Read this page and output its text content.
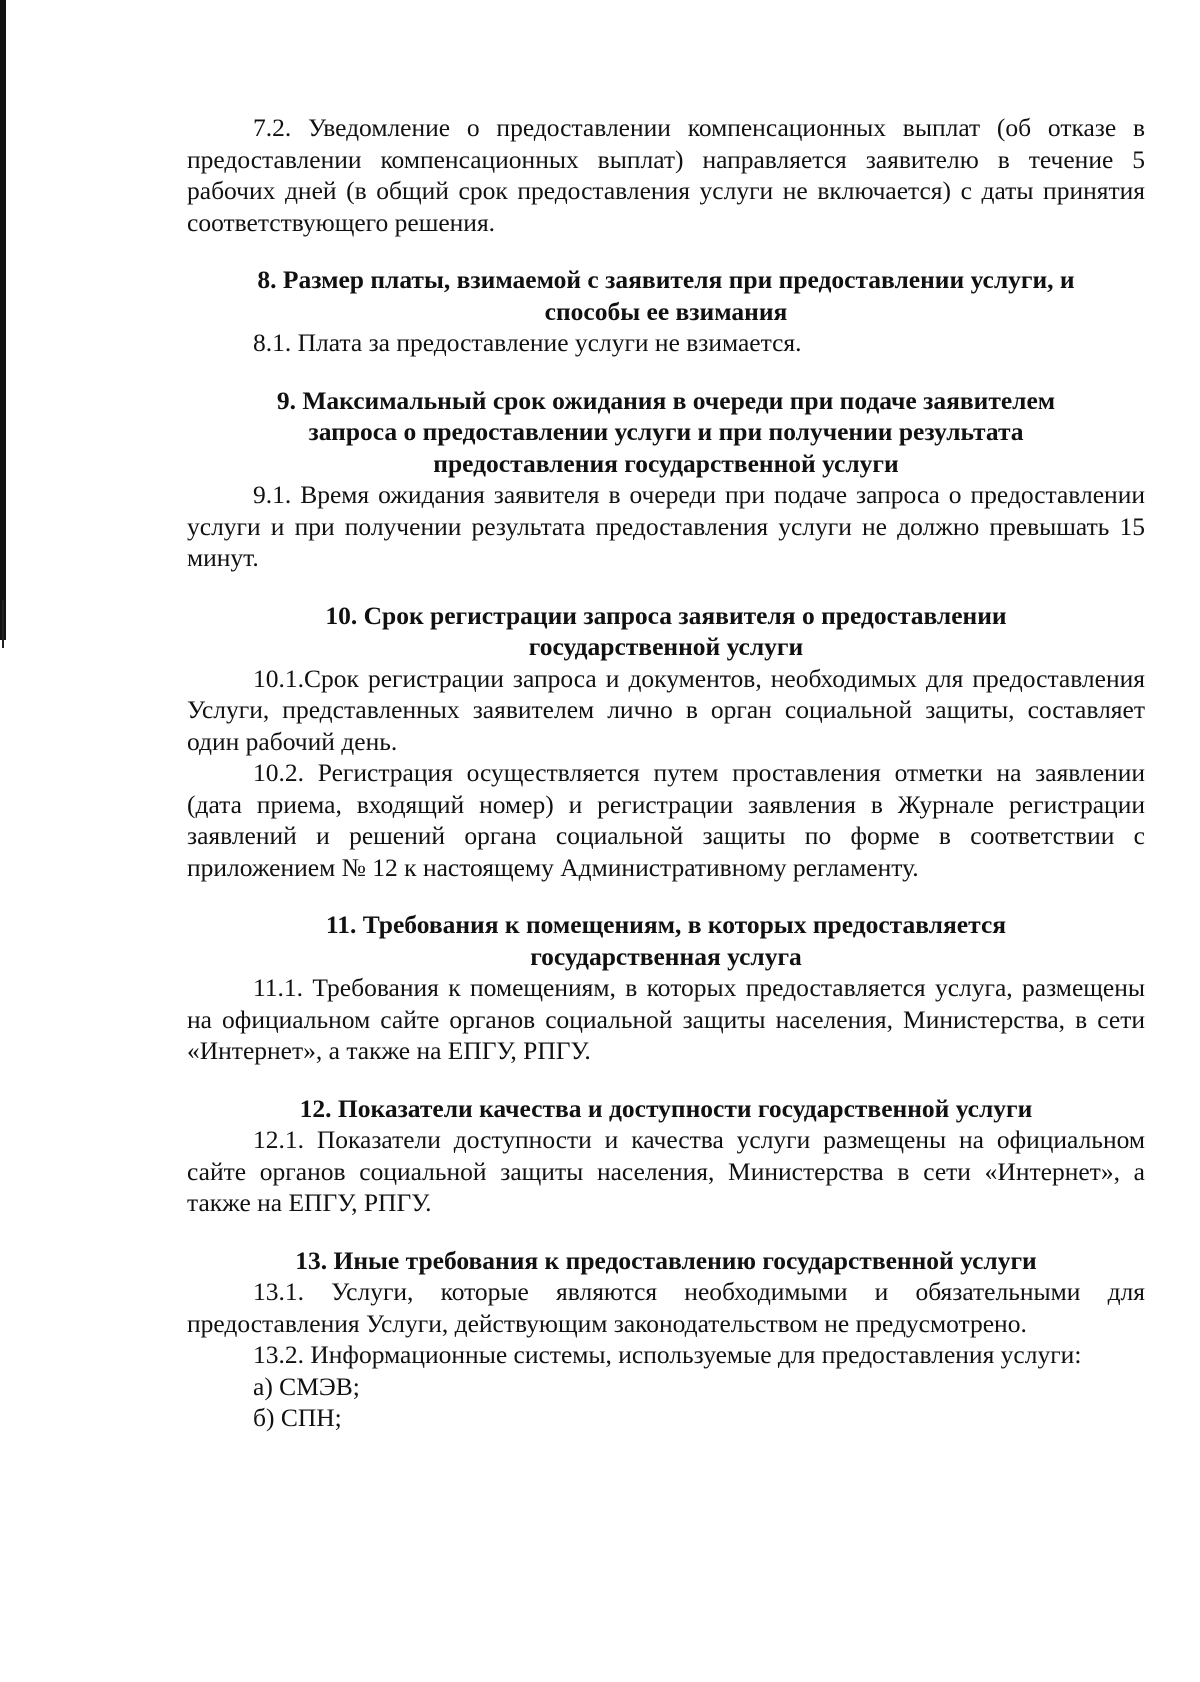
7.2. Уведомление о предоставлении компенсационных выплат (об отказе в предоставлении компенсационных выплат) направляется заявителю в течение 5 рабочих дней (в общий срок предоставления услуги не включается) с даты принятия соответствующего решения.

8. Размер платы, взимаемой с заявителя при предоставлении услуги, и способы ее взимания

8.1. Плата за предоставление услуги не взимается.

9. Максимальный срок ожидания в очереди при подаче заявителем запроса о предоставлении услуги и при получении результата предоставления государственной услуги

9.1. Время ожидания заявителя в очереди при подаче запроса о предоставлении услуги и при получении результата предоставления услуги не должно превышать 15 минут.

10. Срок регистрации запроса заявителя о предоставлении государственной услуги

10.1.Срок регистрации запроса и документов, необходимых для предоставления Услуги, представленных заявителем лично в орган социальной защиты, составляет один рабочий день.

10.2. Регистрация осуществляется путем проставления отметки на заявлении (дата приема, входящий номер) и регистрации заявления в Журнале регистрации заявлений и решений органа социальной защиты по форме в соответствии с приложением № 12 к настоящему Административному регламенту.

11. Требования к помещениям, в которых предоставляется государственная услуга

11.1. Требования к помещениям, в которых предоставляется услуга, размещены на официальном сайте органов социальной защиты населения, Министерства, в сети «Интернет», а также на ЕПГУ, РПГУ.

12. Показатели качества и доступности государственной услуги

12.1. Показатели доступности и качества услуги размещены на официальном сайте органов социальной защиты населения, Министерства в сети «Интернет», а также на ЕПГУ, РПГУ.

13. Иные требования к предоставлению государственной услуги

13.1. Услуги, которые являются необходимыми и обязательными для предоставления Услуги, действующим законодательством не предусмотрено.

13.2. Информационные системы, используемые для предоставления услуги:

а) СМЭВ;

б) СПН;
